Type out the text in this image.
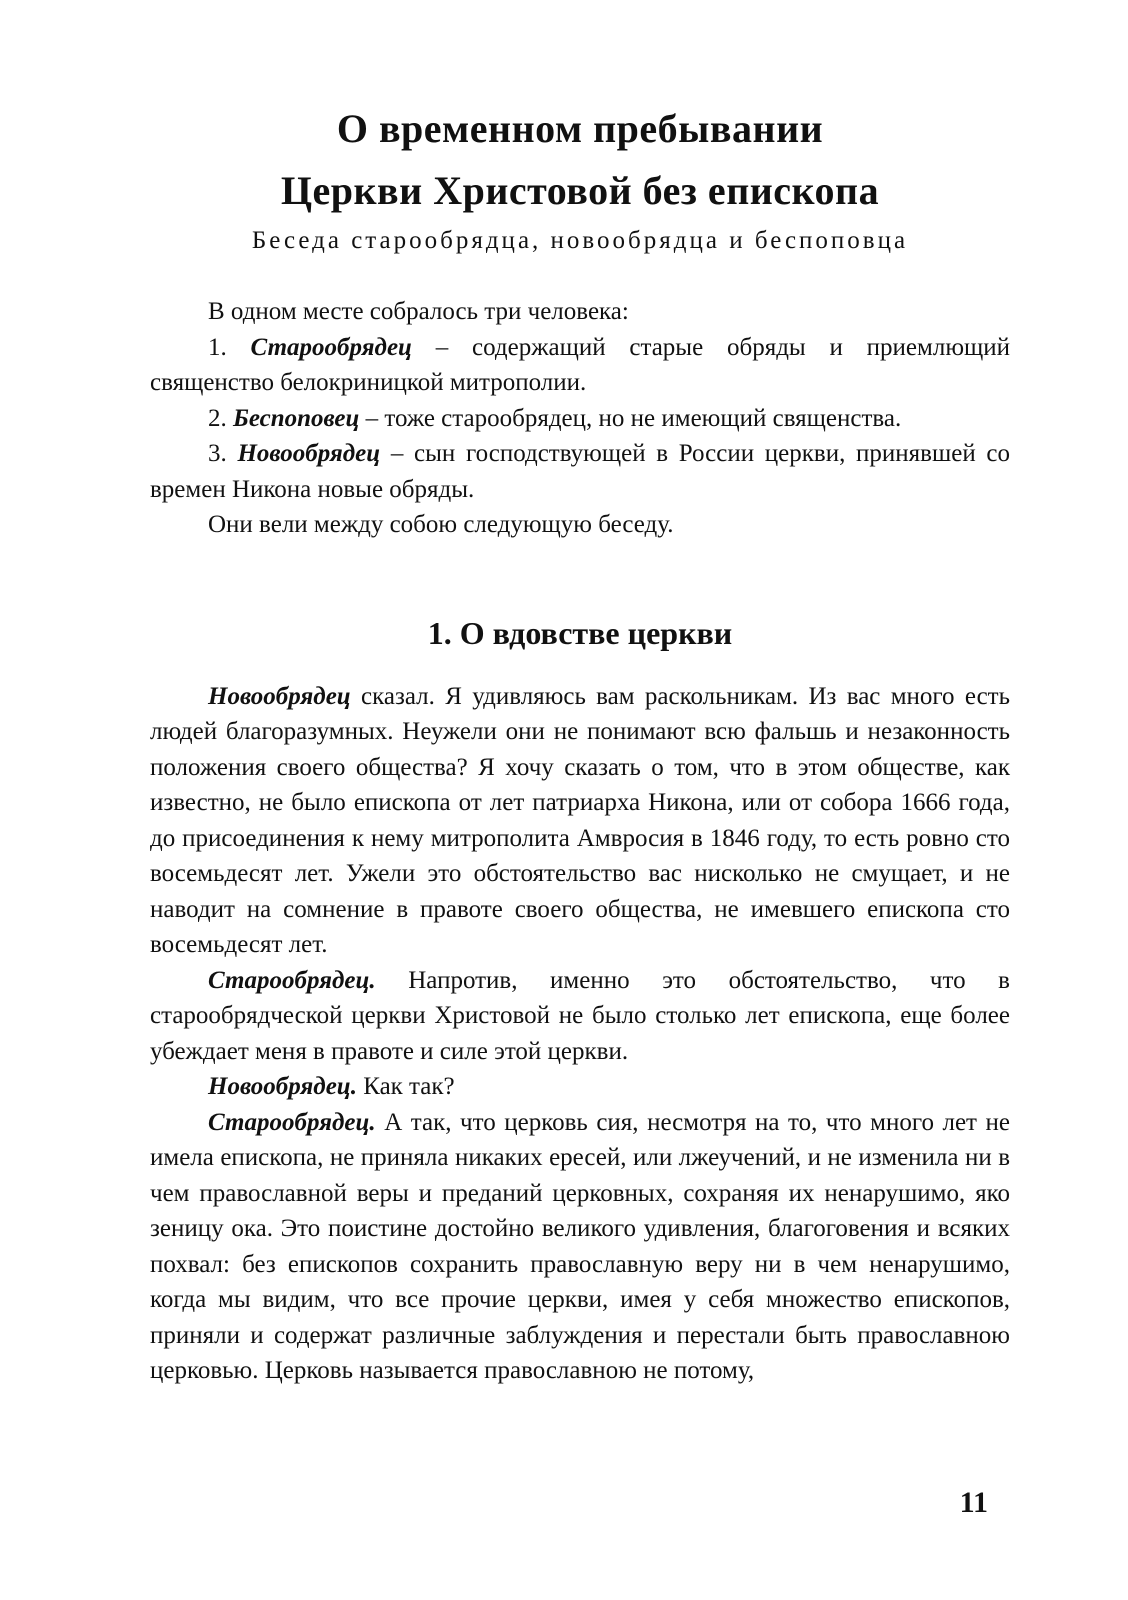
О временном пребывании
Церкви Христовой без епископа
Беседа старообрядца, новообрядца и беспоповца

В одном месте собралось три человека:

1. Старообрядец – содержащий старые обряды и приемлющий священство белокриницкой митрополии.

2. Беспоповец – тоже старообрядец, но не имеющий священства.

3. Новообрядец – сын господствующей в России церкви, принявшей со времен Никона новые обряды.

Они вели между собою следующую беседу.

1. О вдовстве церкви

Новообрядец сказал. Я удивляюсь вам раскольникам. Из вас много есть людей благоразумных. Неужели они не понимают всю фальшь и незаконность положения своего общества? Я хочу сказать о том, что в этом обществе, как известно, не было епископа от лет патриарха Никона, или от собора 1666 года, до присоединения к нему митрополита Амвросия в 1846 году, то есть ровно сто восемьдесят лет. Ужели это обстоятельство вас нисколько не смущает, и не наводит на сомнение в правоте своего общества, не имевшего епископа сто восемьдесят лет.

Старообрядец. Напротив, именно это обстоятельство, что в старообрядческой церкви Христовой не было столько лет епископа, еще более убеждает меня в правоте и силе этой церкви.

Новообрядец. Как так?

Старообрядец. А так, что церковь сия, несмотря на то, что много лет не имела епископа, не приняла никаких ересей, или лжеучений, и не изменила ни в чем православной веры и преданий церковных, сохраняя их ненарушимо, яко зеницу ока. Это поистине достойно великого удивления, благоговения и всяких похвал: без епископов сохранить православную веру ни в чем ненарушимо, когда мы видим, что все прочие церкви, имея у себя множество епископов, приняли и содержат различные заблуждения и перестали быть православною церковью. Церковь называется православною не потому,

11
